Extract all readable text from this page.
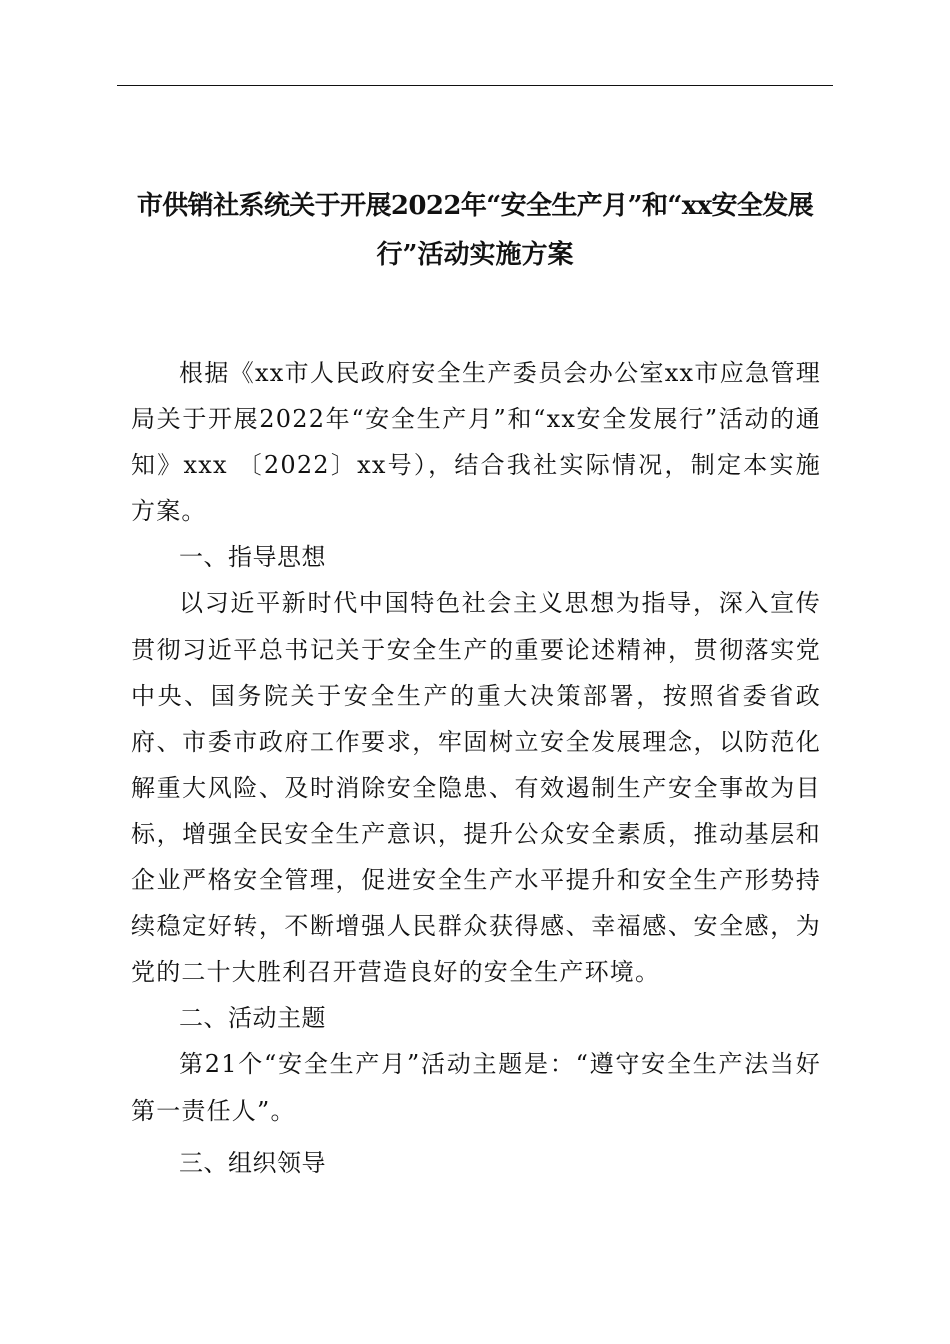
市供销社系统关于开展2022年“安全生产月”和“xx安全发展
行”活动实施方案

根据《xx市人民政府安全生产委员会办公室xx市应急管理局关于开展2022年“安全生产月”和“xx安全发展行”活动的通知》xxx 〔2022〕xx号），结合我社实际情况，制定本实施方案。

一、指导思想

以习近平新时代中国特色社会主义思想为指导，深入宣传贯彻习近平总书记关于安全生产的重要论述精神，贯彻落实党中央、国务院关于安全生产的重大决策部署，按照省委省政府、市委市政府工作要求，牢固树立安全发展理念，以防范化解重大风险、及时消除安全隐患、有效遏制生产安全事故为目标，增强全民安全生产意识，提升公众安全素质，推动基层和企业严格安全管理，促进安全生产水平提升和安全生产形势持续稳定好转，不断增强人民群众获得感、幸福感、安全感，为党的二十大胜利召开营造良好的安全生产环境。

二、活动主题

第21个“安全生产月”活动主题是：“遵守安全生产法当好第一责任人”。

三、组织领导
